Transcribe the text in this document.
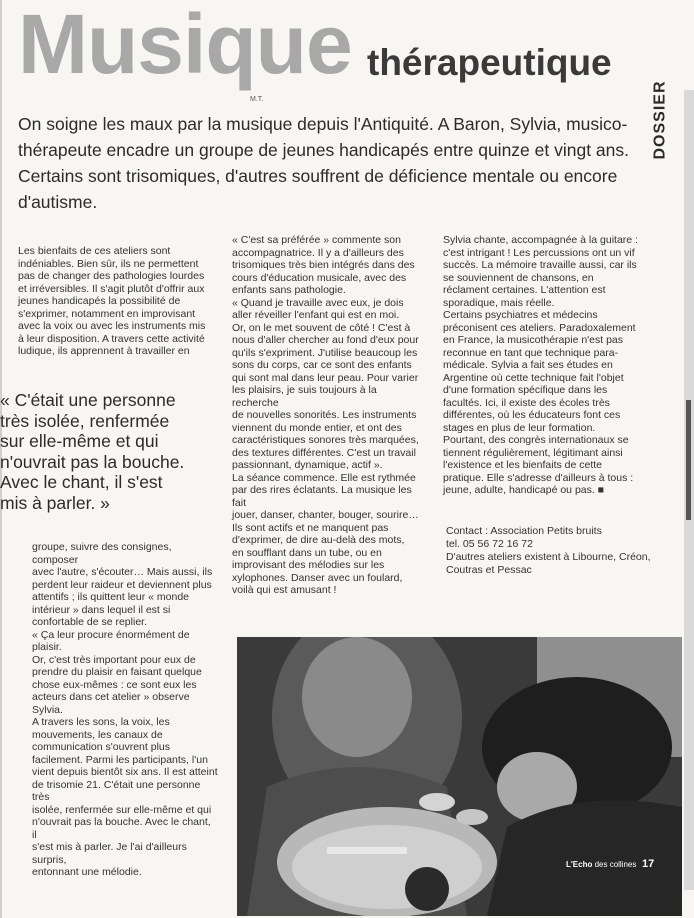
Musique thérapeutique
M.T.	DOSSIER
On soigne les maux par la musique depuis l'Antiquité. A Baron, Sylvia, musico-thérapeute encadre un groupe de jeunes handicapés entre quinze et vingt ans. Certains sont trisomiques, d'autres souffrent de déficience mentale ou encore d'autisme.

Les bienfaits de ces ateliers sont
indéniables. Bien sûr, ils ne permettent
pas de changer des pathologies lourdes
et irréversibles. Il s'agit plutôt d'offrir aux
jeunes handicapés la possibilité de
s'exprimer, notamment en improvisant
avec la voix ou avec les instruments mis
à leur disposition. A travers cette activité
ludique, ils apprennent à travailler en

« C'était une personne
très isolée, renfermée
sur elle-même et qui
n'ouvrait pas la bouche.
Avec le chant, il s'est
mis à parler. »

groupe, suivre des consignes, composer
avec l'autre, s'écouter… Mais aussi, ils
perdent leur raideur et deviennent plus
attentifs ; ils quittent leur « monde
intérieur » dans lequel il est si
confortable de se replier.
« Ça leur procure énormément de plaisir.
Or, c'est très important pour eux de
prendre du plaisir en faisant quelque
chose eux-mêmes : ce sont eux les
acteurs dans cet atelier » observe Sylvia.
A travers les sons, la voix, les
mouvements, les canaux de
communication s'ouvrent plus
facilement. Parmi les participants, l'un
vient depuis bientôt six ans. Il est atteint
de trisomie 21. C'était une personne très
isolée, renfermée sur elle-même et qui
n'ouvrait pas la bouche. Avec le chant, il
s'est mis à parler. Je l'ai d'ailleurs surpris,
entonnant une mélodie.

« C'est sa préférée » commente son
accompagnatrice. Il y a d'ailleurs des
trisomiques très bien intégrés dans des
cours d'éducation musicale, avec des
enfants sans pathologie.
« Quand je travaille avec eux, je dois
aller réveiller l'enfant qui est en moi.
Or, on le met souvent de côté ! C'est à
nous d'aller chercher au fond d'eux pour
qu'ils s'expriment. J'utilise beaucoup les
sons du corps, car ce sont des enfants
qui sont mal dans leur peau. Pour varier
les plaisirs, je suis toujours à la recherche
de nouvelles sonorités. Les instruments
viennent du monde entier, et ont des
caractéristiques sonores très marquées,
des textures différentes. C'est un travail
passionnant, dynamique, actif ».
La séance commence. Elle est rythmée
par des rires éclatants. La musique les fait
jouer, danser, chanter, bouger, sourire…
Ils sont actifs et ne manquent pas
d'exprimer, de dire au-delà des mots,
en soufflant dans un tube, ou en
improvisant des mélodies sur les
xylophones. Danser avec un foulard,
voilà qui est amusant !

Sylvia chante, accompagnée à la guitare :
c'est intrigant ! Les percussions ont un vif
succès. La mémoire travaille aussi, car ils
se souviennent de chansons, en
réclament certaines. L'attention est
sporadique, mais réelle.
Certains psychiatres et médecins
préconisent ces ateliers. Paradoxalement
en France, la musicothérapie n'est pas
reconnue en tant que technique para-
médicale. Sylvia a fait ses études en
Argentine où cette technique fait l'objet
d'une formation spécifique dans les
facultés. Ici, il existe des écoles très
différentes, où les éducateurs font ces
stages en plus de leur formation.
Pourtant, des congrès internationaux se
tiennent régulièrement, légitimant ainsi
l'existence et les bienfaits de cette
pratique. Elle s'adresse d'ailleurs à tous :
jeune, adulte, handicapé ou pas. ■

Contact : Association Petits bruits
tel. 05 56 72 16 72
D'autres ateliers existent à Libourne, Créon,
Coutras et Pessac
L'Echo des collines 17
